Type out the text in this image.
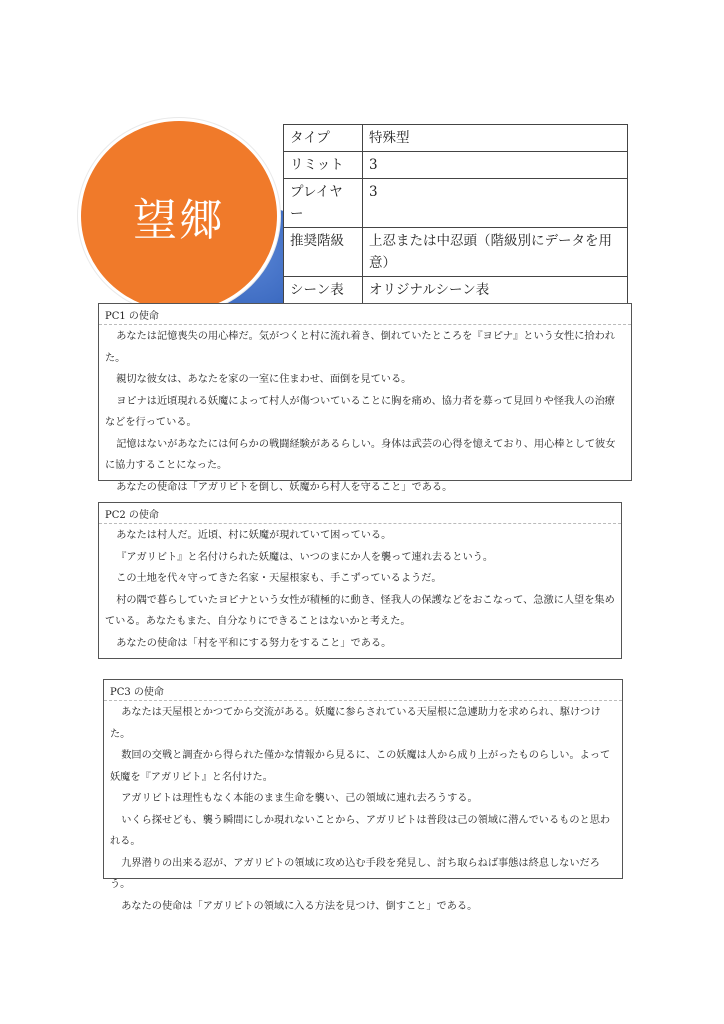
望郷
タイプ	特殊型
リミット	3
プレイヤー	3
推奨階級	上忍または中忍頭（階級別にデータを用意）
シーン表	オリジナルシーン表
PC1 の使命

あなたは記憶喪失の用心棒だ。気がつくと村に流れ着き、倒れていたところを『ヨピナ』という女性に拾われた。

親切な彼女は、あなたを家の一室に住まわせ、面倒を見ている。

ヨピナは近頃現れる妖魔によって村人が傷ついていることに胸を痛め、協力者を募って見回りや怪我人の治療などを行っている。

記憶はないがあなたには何らかの戦闘経験があるらしい。身体は武芸の心得を憶えており、用心棒として彼女に協力することになった。

あなたの使命は「アガリビトを倒し、妖魔から村人を守ること」である。

PC2 の使命

あなたは村人だ。近頃、村に妖魔が現れていて困っている。

『アガリビト』と名付けられた妖魔は、いつのまにか人を襲って連れ去るという。

この土地を代々守ってきた名家・天屋根家も、手こずっているようだ。

村の隅で暮らしていたヨピナという女性が積極的に動き、怪我人の保護などをおこなって、急激に人望を集めている。あなたもまた、自分なりにできることはないかと考えた。

あなたの使命は「村を平和にする努力をすること」である。

PC3 の使命

あなたは天屋根とかつてから交流がある。妖魔に参らされている天屋根に急遽助力を求められ、駆けつけた。

数回の交戦と調査から得られた僅かな情報から見るに、この妖魔は人から成り上がったものらしい。よって妖魔を『アガリビト』と名付けた。

アガリビトは理性もなく本能のまま生命を襲い、己の領域に連れ去ろうする。

いくら探せども、襲う瞬間にしか現れないことから、アガリビトは普段は己の領域に潜んでいるものと思われる。

九界潜りの出来る忍が、アガリビトの領域に攻め込む手段を発見し、討ち取らねば事態は終息しないだろう。

あなたの使命は「アガリビトの領域に入る方法を見つけ、倒すこと」である。
